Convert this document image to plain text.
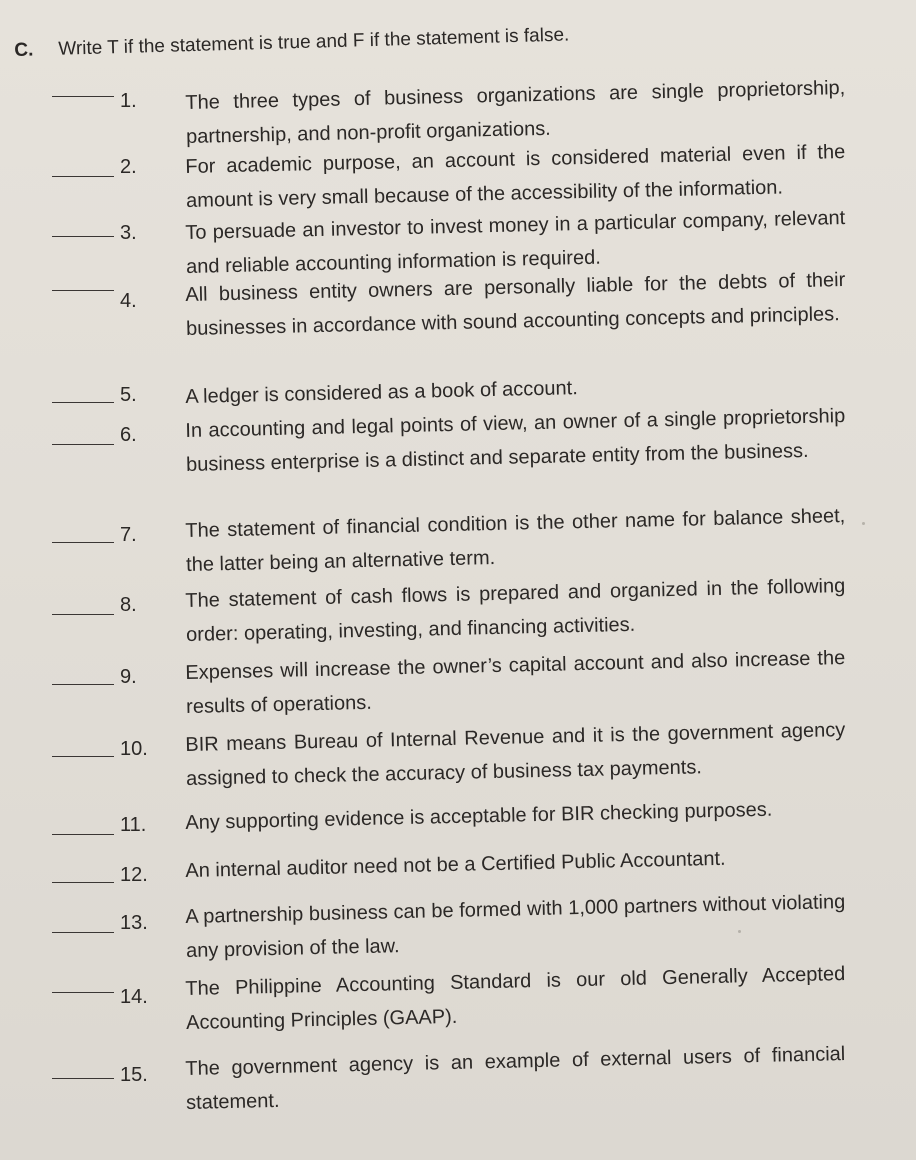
C. Write T if the statement is true and F if the statement is false.
1. The three types of business organizations are single proprietorship, partnership, and non-profit organizations.
2. For academic purpose, an account is considered material even if the amount is very small because of the accessibility of the information.
3. To persuade an investor to invest money in a particular company, relevant and reliable accounting information is required.
4. All business entity owners are personally liable for the debts of their businesses in accordance with sound accounting concepts and principles.
5. A ledger is considered as a book of account.
6. In accounting and legal points of view, an owner of a single proprietorship business enterprise is a distinct and separate entity from the business.
7. The statement of financial condition is the other name for balance sheet, the latter being an alternative term.
8. The statement of cash flows is prepared and organized in the following order: operating, investing, and financing activities.
9. Expenses will increase the owner’s capital account and also increase the results of operations.
10. BIR means Bureau of Internal Revenue and it is the government agency assigned to check the accuracy of business tax payments.
11. Any supporting evidence is acceptable for BIR checking purposes.
12. An internal auditor need not be a Certified Public Accountant.
13. A partnership business can be formed with 1,000 partners without violating any provision of the law.
14. The Philippine Accounting Standard is our old Generally Accepted Accounting Principles (GAAP).
15. The government agency is an example of external users of financial statement.
